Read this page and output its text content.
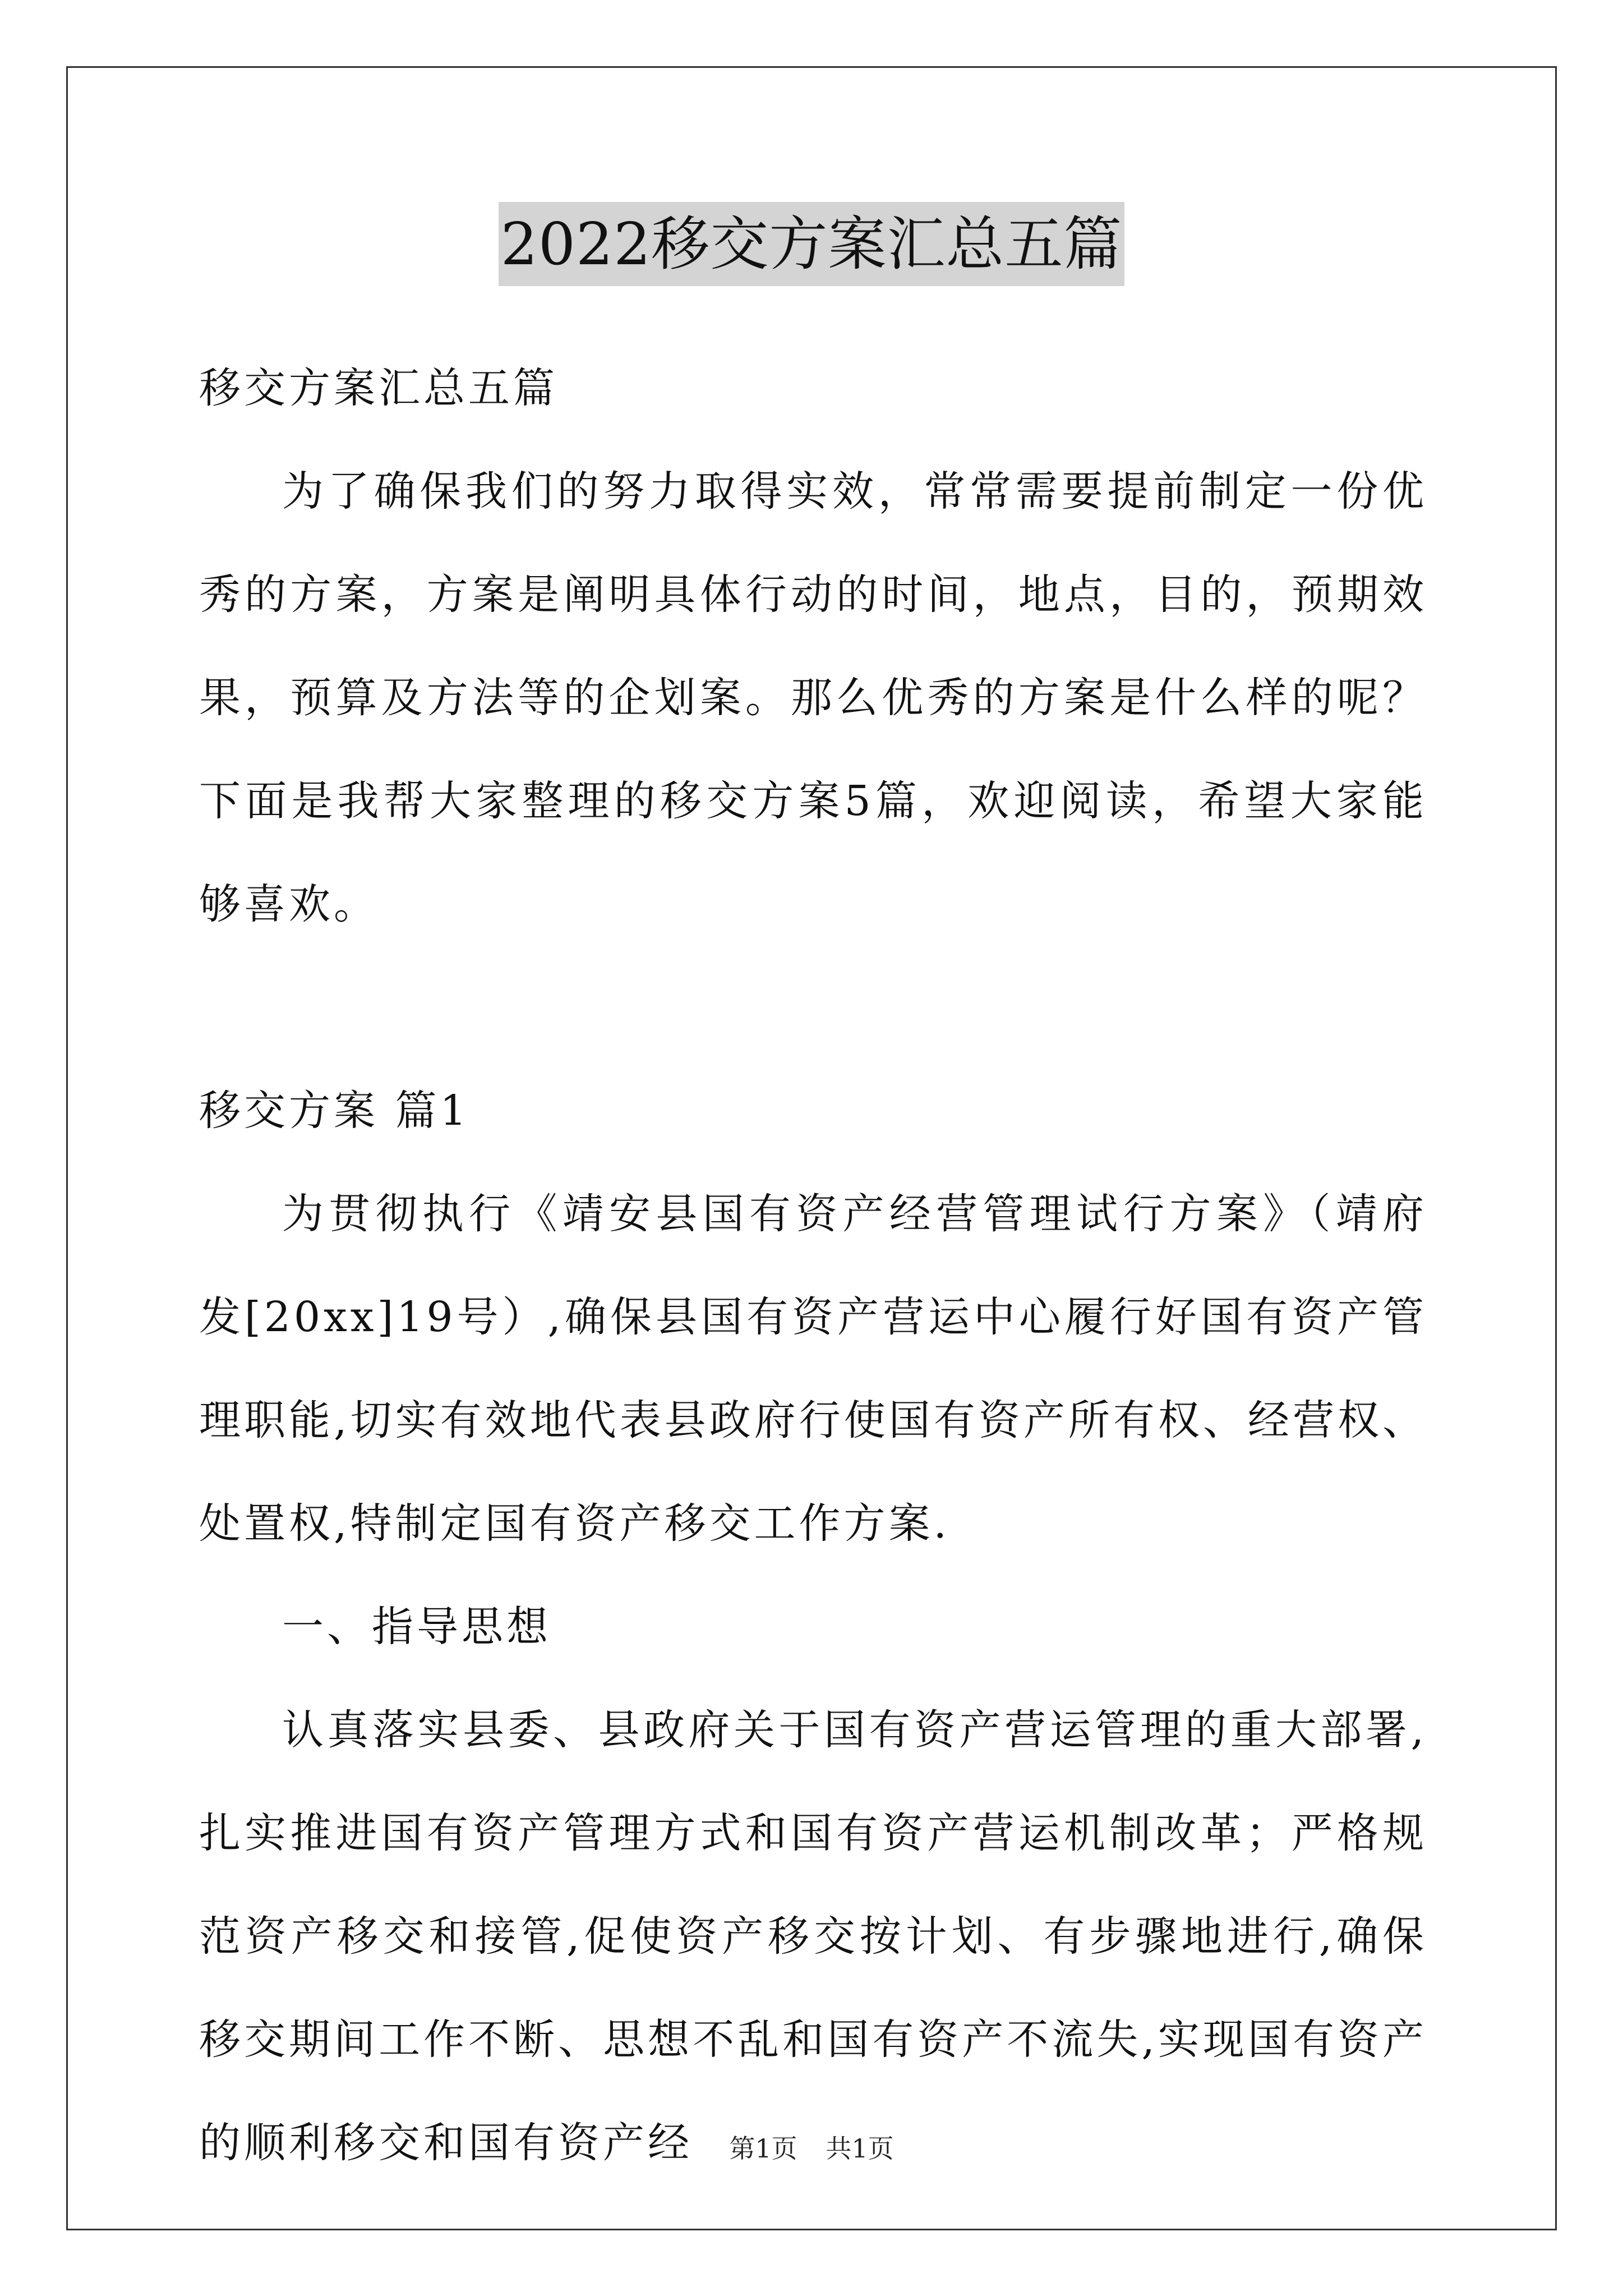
2022移交方案汇总五篇

移交方案汇总五篇

为了确保我们的努力取得实效，常常需要提前制定一份优秀的方案，方案是阐明具体行动的时间，地点，目的，预期效果，预算及方法等的企划案。那么优秀的方案是什么样的呢？下面是我帮大家整理的移交方案5篇，欢迎阅读，希望大家能够喜欢。

移交方案 篇1

为贯彻执行《靖安县国有资产经营管理试行方案》（靖府发[20xx]19号）,确保县国有资产营运中心履行好国有资产管理职能,切实有效地代表县政府行使国有资产所有权、经营权、处置权,特制定国有资产移交工作方案.

一、指导思想

认真落实县委、县政府关于国有资产营运管理的重大部署,扎实推进国有资产管理方式和国有资产营运机制改革；严格规范资产移交和接管,促使资产移交按计划、有步骤地进行,确保移交期间工作不断、思想不乱和国有资产不流失,实现国有资产的顺利移交和国有资产经	第1页 共1页
